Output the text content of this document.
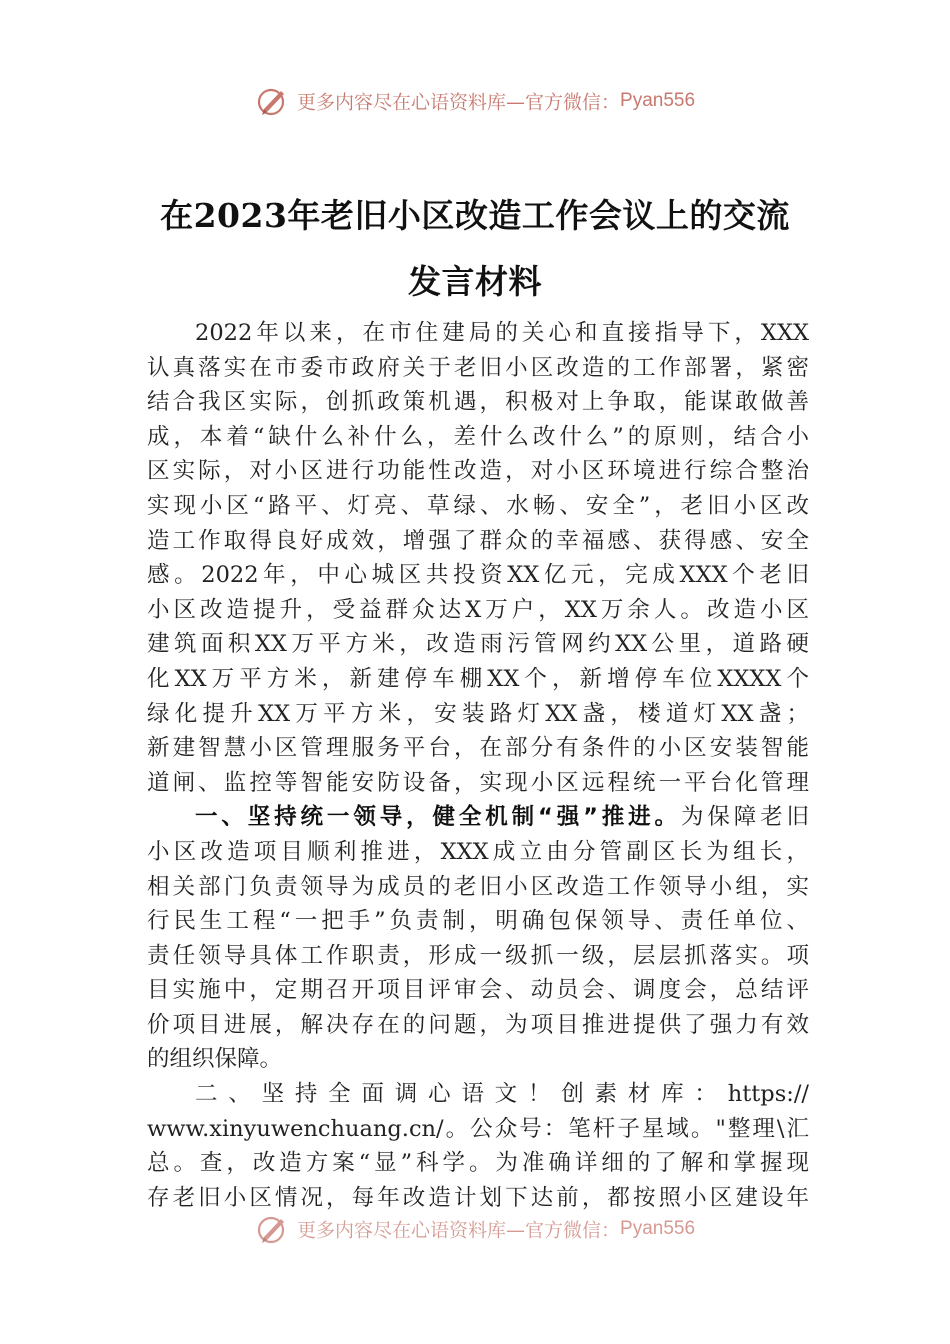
更多内容尽在心语资料库—官方微信：Pyan556
在2023年老旧小区改造工作会议上的交流
发言材料
2022年以来，在市住建局的关心和直接指导下，XXX
认真落实在市委市政府关于老旧小区改造的工作部署，紧密
结合我区实际，创抓政策机遇，积极对上争取，能谋敢做善
成，本着“缺什么补什么，差什么改什么”的原则，结合小
区实际，对小区进行功能性改造，对小区环境进行综合整治
实现小区“路平、灯亮、草绿、水畅、安全”，老旧小区改
造工作取得良好成效，增强了群众的幸福感、获得感、安全
感。2022年，中心城区共投资XX亿元，完成XXX个老旧
小区改造提升，受益群众达X万户，XX万余人。改造小区
建筑面积XX万平方米，改造雨污管网约XX公里，道路硬
化XX万平方米，新建停车棚XX个，新增停车位XXXX个
绿化提升XX万平方米，安装路灯XX盏，楼道灯XX盏；
新建智慧小区管理服务平台，在部分有条件的小区安装智能
道闸、监控等智能安防设备，实现小区远程统一平台化管理
一、坚持统一领导，健全机制“强”推进。为保障老旧
小区改造项目顺利推进，XXX成立由分管副区长为组长，
相关部门负责领导为成员的老旧小区改造工作领导小组，实
行民生工程“一把手”负责制，明确包保领导、责任单位、
责任领导具体工作职责，形成一级抓一级，层层抓落实。项
目实施中，定期召开项目评审会、动员会、调度会，总结评
价项目进展，解决存在的问题，为项目推进提供了强力有效
的组织保障。
二、坚持全面调心语文！创素材库：https://
www.xinyuwenchuang.cn/。公众号：笔杆子星域。"整理\汇
总。查，改造方案“显”科学。为准确详细的了解和掌握现
存老旧小区情况，每年改造计划下达前，都按照小区建设年
更多内容尽在心语资料库—官方微信：Pyan556
